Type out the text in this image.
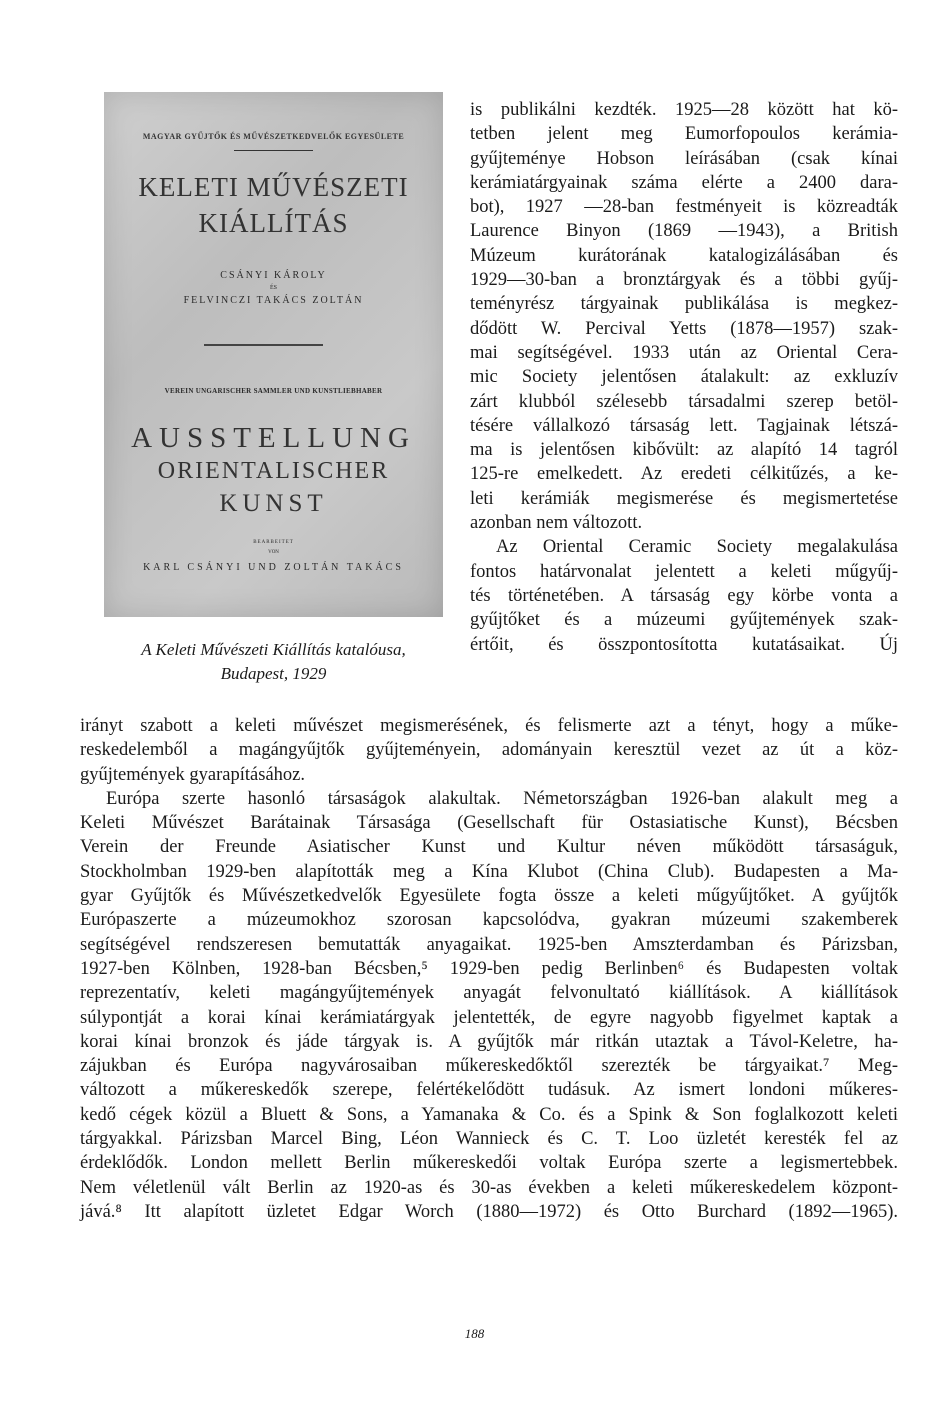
MAGYAR GYŰJTŐK ÉS MŰVÉSZETKEDVELŐK EGYESÜLETE
KELETI MŰVÉSZETI
KIÁLLÍTÁS
CSÁNYI KÁROLY
ÉS
FELVINCZI TAKÁCS ZOLTÁN
VEREIN UNGARISCHER SAMMLER UND KUNSTLIEBHABER
AUSSTELLUNG
ORIENTALISCHER
KUNST
BEARBEITET
VON
KARL CSÁNYI UND ZOLTÁN TAKÁCS
A Keleti Művészeti Kiállítás katalóusa,
Budapest, 1929
is publikálni kezdték. 1925—28 között hat kö-
tetben jelent meg Eumorfopoulos kerámia-
gyűjteménye Hobson leírásában (csak kínai
kerámiatárgyainak száma elérte a 2400 dara-
bot), 1927 —28-ban festményeit is közreadták
Laurence Binyon (1869 —1943), a British
Múzeum kurátorának katalogizálásában és
1929—30-ban a bronztárgyak és a többi gyűj-
teményrész tárgyainak publikálása is megkez-
dődött W. Percival Yetts (1878—1957) szak-
mai segítségével. 1933 után az Oriental Cera-
mic Society jelentősen átalakult: az exkluzív
zárt klubból szélesebb társadalmi szerep betöl-
tésére vállalkozó társaság lett. Tagjainak létszá-
ma is jelentősen kibővült: az alapító 14 tagról
125-re emelkedett. Az eredeti célkitűzés, a ke-
leti kerámiák megismerése és megismertetése
azonban nem változott.
Az Oriental Ceramic Society megalakulása
fontos határvonalat jelentett a keleti műgyűj-
tés történetében. A társaság egy körbe vonta a
gyűjtőket és a múzeumi gyűjtemények szak-
értőit, és összpontosította kutatásaikat. Új
irányt szabott a keleti művészet megismerésének, és felismerte azt a tényt, hogy a műke-
reskedelemből a magángyűjtők gyűjteményein, adományain keresztül vezet az út a köz-
gyűjtemények gyarapításához.
Európa szerte hasonló társaságok alakultak. Németországban 1926-ban alakult meg a
Keleti Művészet Barátainak Társasága (Gesellschaft für Ostasiatische Kunst), Bécsben
Verein der Freunde Asiatischer Kunst und Kultur néven működött társaságuk,
Stockholmban 1929-ben alapították meg a Kína Klubot (China Club). Budapesten a Ma-
gyar Gyűjtők és Művészetkedvelők Egyesülete fogta össze a keleti műgyűjtőket. A gyűjtők
Európaszerte a múzeumokhoz szorosan kapcsolódva, gyakran múzeumi szakemberek
segítségével rendszeresen bemutatták anyagaikat. 1925-ben Amszterdamban és Párizsban,
1927-ben Kölnben, 1928-ban Bécsben,⁵ 1929-ben pedig Berlinben⁶ és Budapesten voltak
reprezentatív, keleti magángyűjtemények anyagát felvonultató kiállítások. A kiállítások
súlypontját a korai kínai kerámiatárgyak jelentették, de egyre nagyobb figyelmet kaptak a
korai kínai bronzok és jáde tárgyak is. A gyűjtők már ritkán utaztak a Távol-Keletre, ha-
zájukban és Európa nagyvárosaiban műkereskedőktől szerezték be tárgyaikat.⁷ Meg-
változott a műkereskedők szerepe, felértékelődött tudásuk. Az ismert londoni műkeres-
kedő cégek közül a Bluett & Sons, a Yamanaka & Co. és a Spink & Son foglalkozott keleti
tárgyakkal. Párizsban Marcel Bing, Léon Wannieck és C. T. Loo üzletét keresték fel az
érdeklődők. London mellett Berlin műkereskedői voltak Európa szerte a legismertebbek.
Nem véletlenül vált Berlin az 1920-as és 30-as években a keleti műkereskedelem központ-
jává.⁸ Itt alapított üzletet Edgar Worch (1880—1972) és Otto Burchard (1892—1965).
188
